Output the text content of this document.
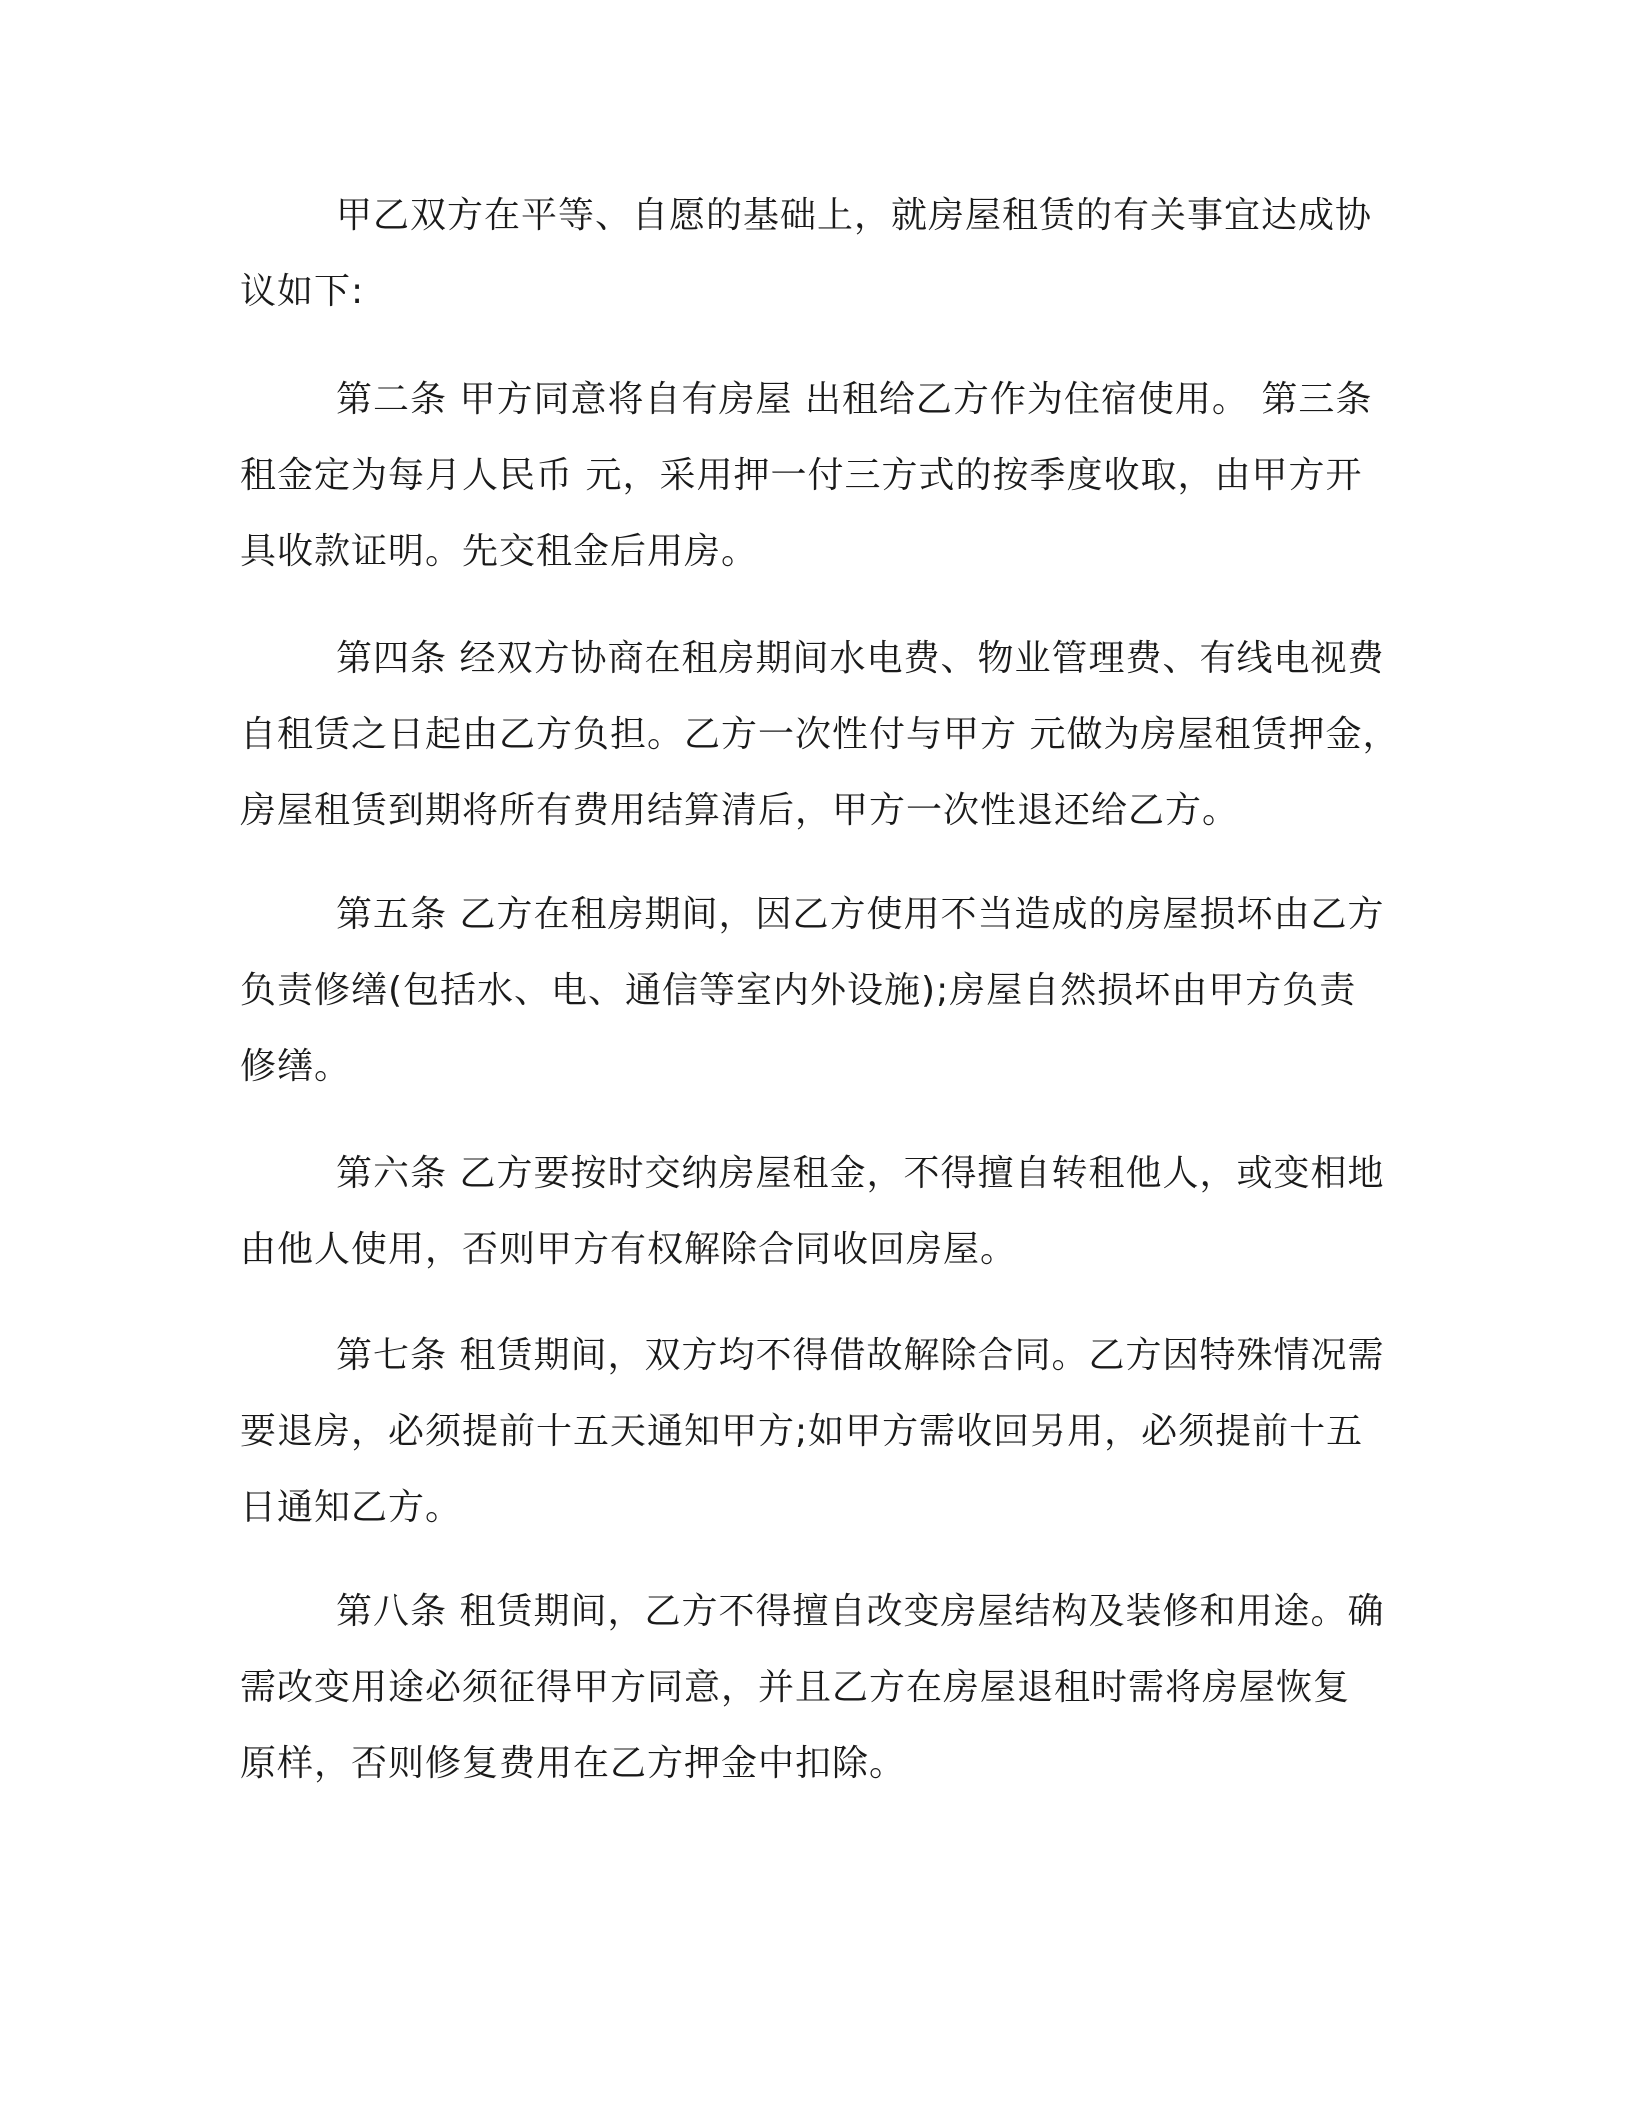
甲乙双方在平等、自愿的基础上，就房屋租赁的有关事宜达成协
议如下:
第二条 甲方同意将自有房屋 出租给乙方作为住宿使用。 第三条
租金定为每月人民币 元，采用押一付三方式的按季度收取，由甲方开
具收款证明。先交租金后用房。
第四条 经双方协商在租房期间水电费、物业管理费、有线电视费
自租赁之日起由乙方负担。乙方一次性付与甲方 元做为房屋租赁押金，
房屋租赁到期将所有费用结算清后，甲方一次性退还给乙方。
第五条 乙方在租房期间，因乙方使用不当造成的房屋损坏由乙方
负责修缮(包括水、电、通信等室内外设施);房屋自然损坏由甲方负责
修缮。
第六条 乙方要按时交纳房屋租金，不得擅自转租他人，或变相地
由他人使用，否则甲方有权解除合同收回房屋。
第七条 租赁期间，双方均不得借故解除合同。乙方因特殊情况需
要退房，必须提前十五天通知甲方;如甲方需收回另用，必须提前十五
日通知乙方。
第八条 租赁期间，乙方不得擅自改变房屋结构及装修和用途。确
需改变用途必须征得甲方同意，并且乙方在房屋退租时需将房屋恢复
原样，否则修复费用在乙方押金中扣除。
